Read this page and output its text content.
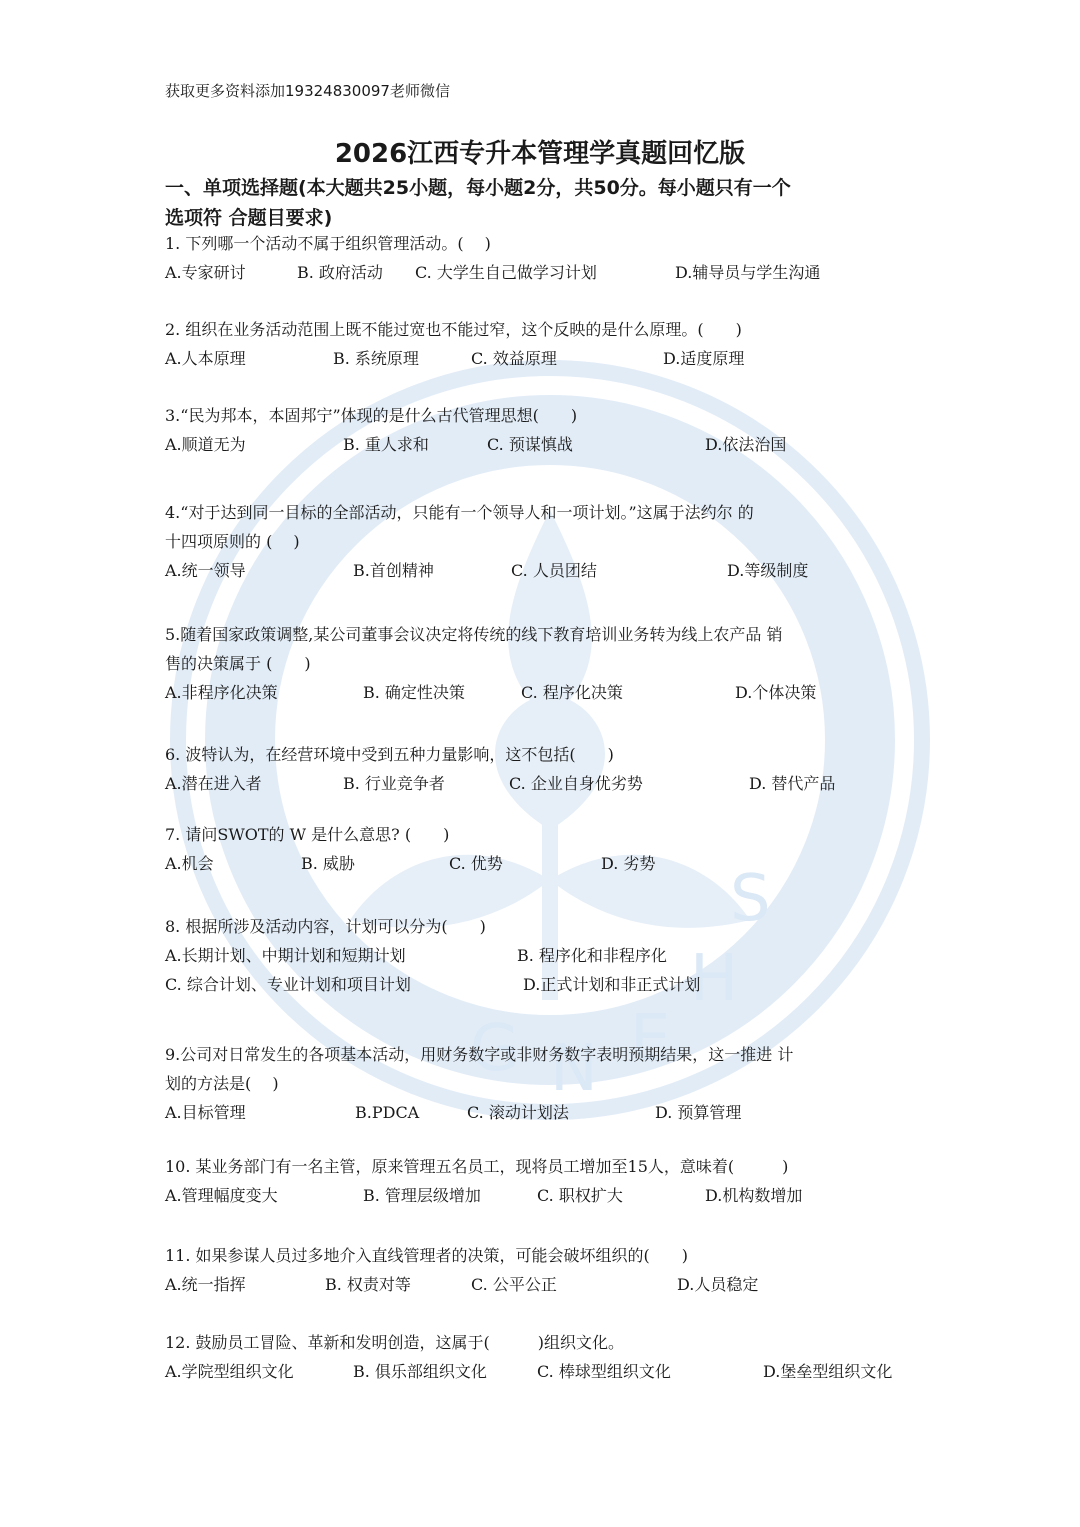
S
H
E
N
G
获取更多资料添加19324830097老师微信
2026江西专升本管理学真题回忆版
一、单项选择题(本大题共25小题，每小题2分，共50分。每小题只有一个
选项符 合题目要求)
1. 下列哪一个活动不属于组织管理活动。(　 )
A.专家研讨	B. 政府活动 C. 大学生自己做学习计划	D.辅导员与学生沟通
2. 组织在业务活动范围上既不能过宽也不能过窄，这个反映的是什么原理。(　　)
A.人本原理	B. 系统原理	C. 效益原理	D.适度原理
3.“民为邦本，本固邦宁”体现的是什么古代管理思想(　　)
A.顺道无为	B. 重人求和	C. 预谋慎战	D.依法治国
4.“对于达到同一目标的全部活动，只能有一个领导人和一项计划。”这属于法约尔 的
十四项原则的 (　 )
A.统一领导	B.首创精神	C. 人员团结	D.等级制度
5.随着国家政策调整,某公司董事会议决定将传统的线下教育培训业务转为线上农产品 销
售的决策属于 (　　)
A.非程序化决策	B. 确定性决策	C. 程序化决策	D.个体决策
6. 波特认为，在经营环境中受到五种力量影响，这不包括(　　)
A.潜在进入者	B. 行业竞争者	C. 企业自身优劣势	D. 替代产品
7. 请问SWOT的 W 是什么意思? (　　)
A.机会	B. 威胁	C. 优势	D. 劣势
8. 根据所涉及活动内容，计划可以分为(　　)
A.长期计划、中期计划和短期计划	B. 程序化和非程序化
C. 综合计划、专业计划和项目计划	D.正式计划和非正式计划
9.公司对日常发生的各项基本活动，用财务数字或非财务数字表明预期结果，这一推进 计
划的方法是(　 )
A.目标管理	B.PDCA	C. 滚动计划法	D. 预算管理
10. 某业务部门有一名主管，原来管理五名员工，现将员工增加至15人，意味着(　　　)
A.管理幅度变大	B. 管理层级增加	C. 职权扩大	D.机构数增加
11. 如果参谋人员过多地介入直线管理者的决策，可能会破坏组织的(　　)
A.统一指挥	B. 权责对等	C. 公平公正	D.人员稳定
12. 鼓励员工冒险、革新和发明创造，这属于(　　　)组织文化。
A.学院型组织文化	B. 俱乐部组织文化	C. 棒球型组织文化	D.堡垒型组织文化
